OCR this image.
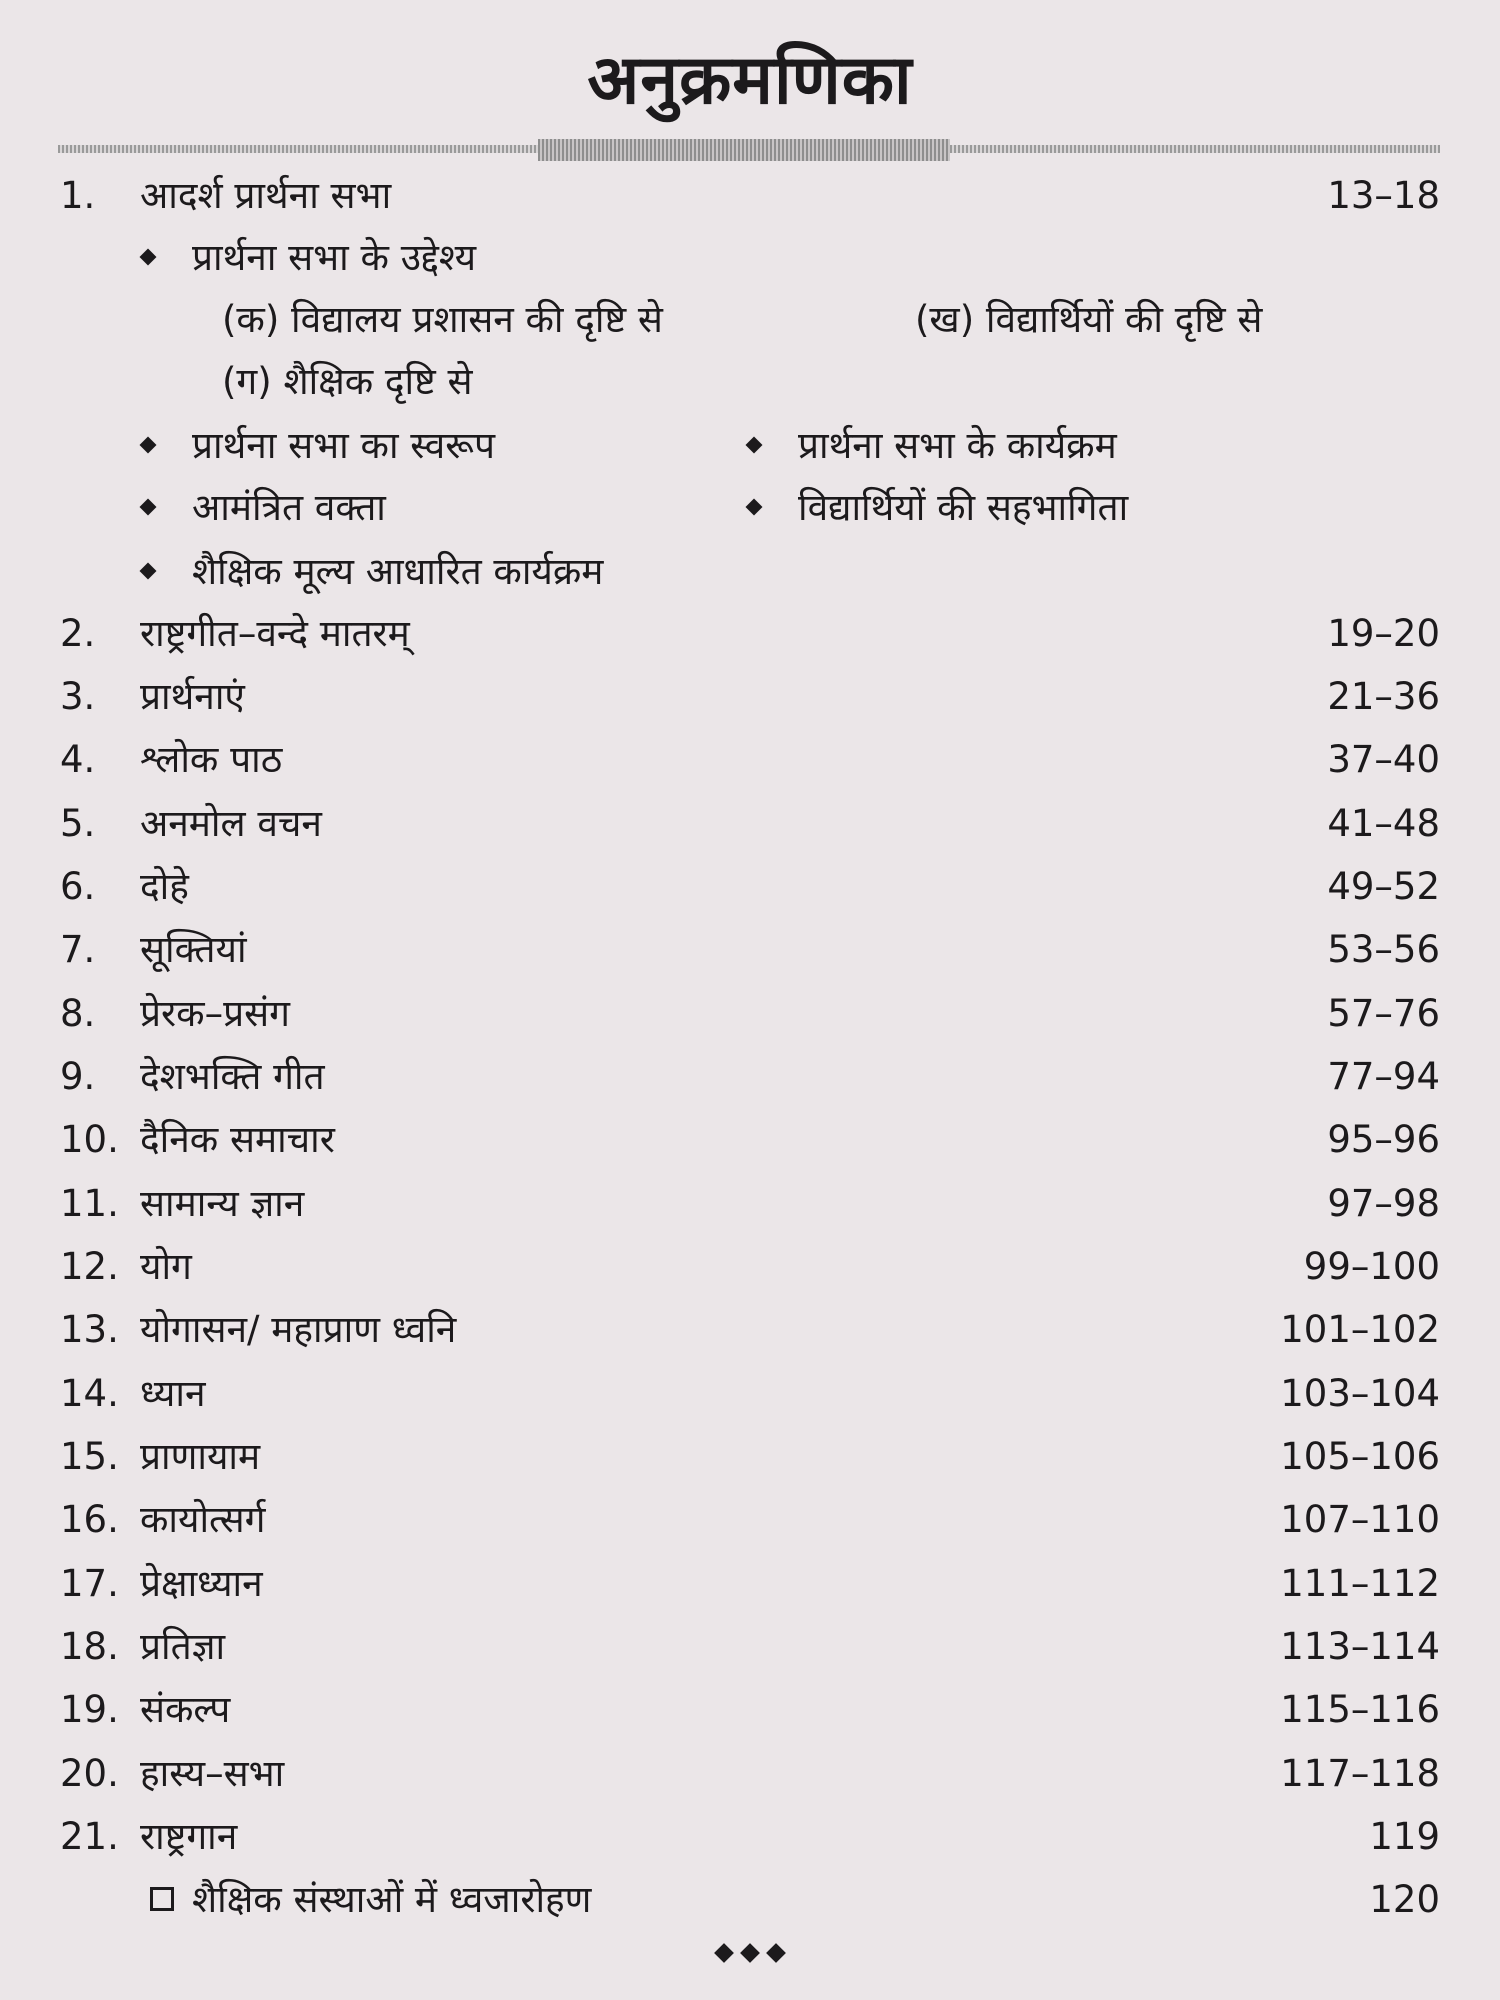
अनुक्रमणिका
1. आदर्श प्रार्थना सभा	13–18
प्रार्थना सभा के उद्देश्य
(क) विद्यालय प्रशासन की दृष्टि से	(ख) विद्यार्थियों की दृष्टि से
(ग) शैक्षिक दृष्टि से
प्रार्थना सभा का स्वरूप	प्रार्थना सभा के कार्यक्रम
आमंत्रित वक्ता	विद्यार्थियों की सहभागिता
शैक्षिक मूल्य आधारित कार्यक्रम
2. राष्ट्रगीत–वन्दे मातरम्	19–20
3. प्रार्थनाएं	21–36
4. श्लोक पाठ	37–40
5. अनमोल वचन	41–48
6. दोहे	49–52
7. सूक्तियां	53–56
8. प्रेरक–प्रसंग	57–76
9. देशभक्ति गीत	77–94
10. दैनिक समाचार	95–96
11. सामान्य ज्ञान	97–98
12. योग	99–100
13. योगासन/ महाप्राण ध्वनि	101–102
14. ध्यान	103–104
15. प्राणायाम	105–106
16. कायोत्सर्ग	107–110
17. प्रेक्षाध्यान	111–112
18. प्रतिज्ञा	113–114
19. संकल्प	115–116
20. हास्य–सभा	117–118
21. राष्ट्रगान	119
शैक्षिक संस्थाओं में ध्वजारोहण	120
